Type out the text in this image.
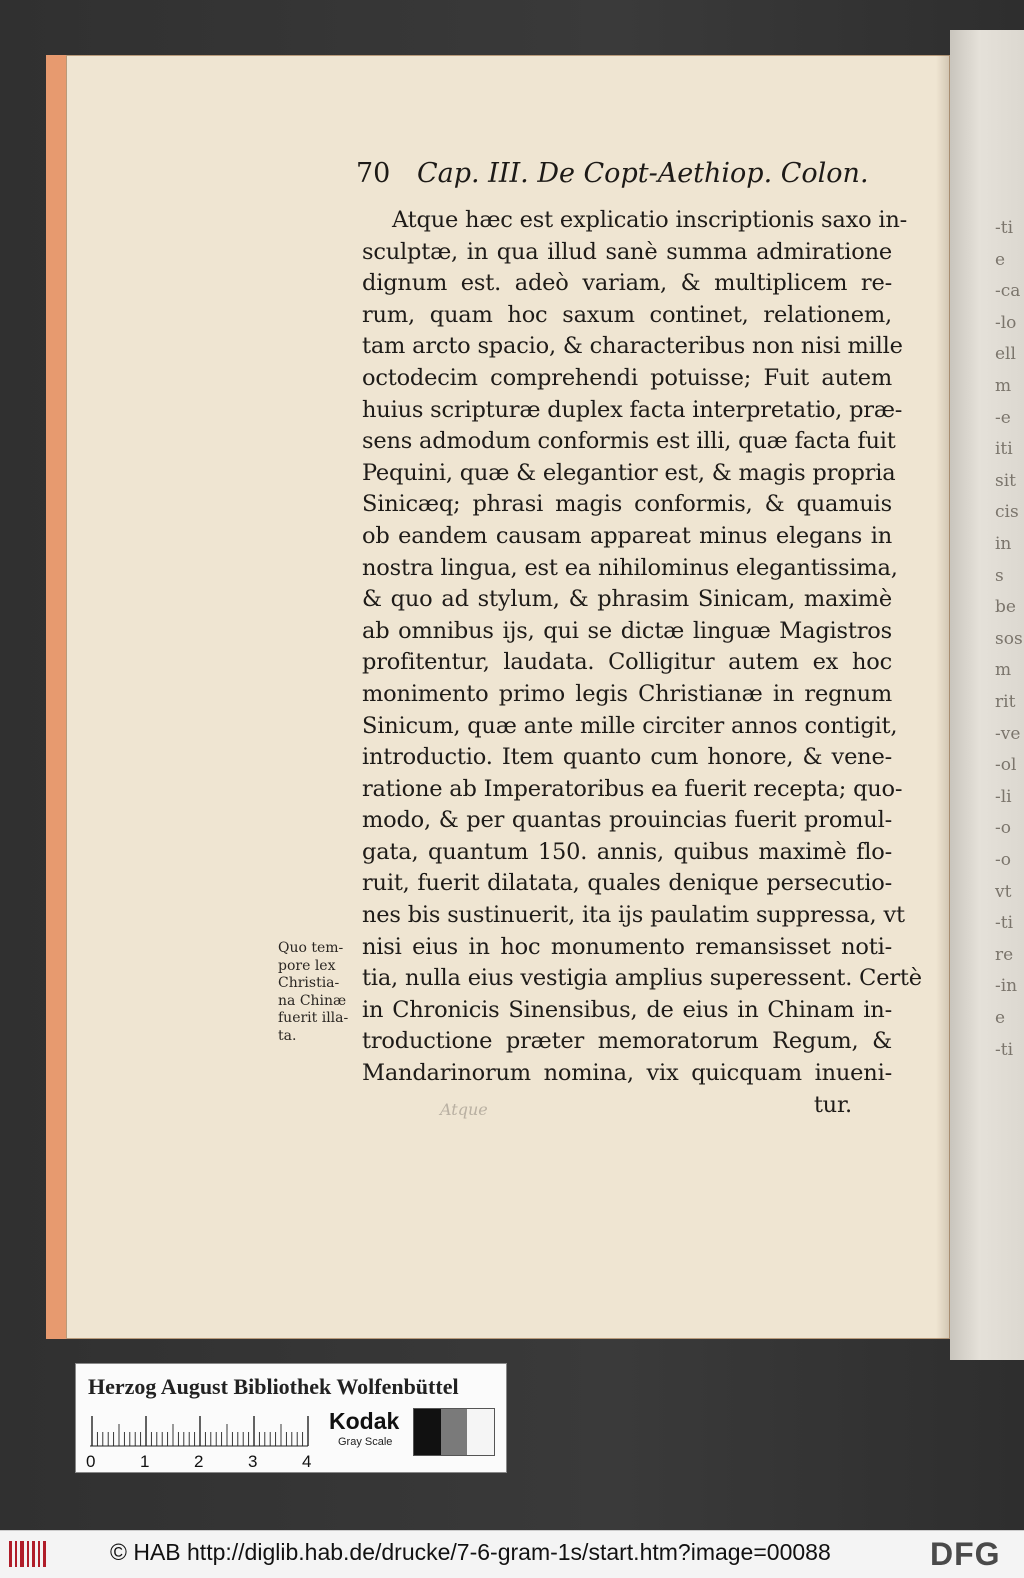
-ti
e
-ca
-lo
ell
m
-e
iti
sit
cis
in
s
be
sos
m
rit
-ve
-ol
-li
-o
-o
vt
-ti
re
-in
e
-ti
70 Cap. III. De Copt-Aethiop. Colon.
Atque hæc est explicatio inscriptionis saxo in-
sculptæ, in qua illud sanè summa admiratione
dignum est. adeò variam, & multiplicem re-
rum, quam hoc saxum continet, relationem,
tam arcto spacio, & characteribus non nisi mille
octodecim comprehendi potuisse; Fuit autem
huius scripturæ duplex facta interpretatio, præ-
sens admodum conformis est illi, quæ facta fuit
Pequini, quæ & elegantior est, & magis propria
Sinicæq; phrasi magis conformis, & quamuis
ob eandem causam appareat minus elegans in
nostra lingua, est ea nihilominus elegantissima,
& quo ad stylum, & phrasim Sinicam, maximè
ab omnibus ijs, qui se dictæ linguæ Magistros
profitentur, laudata. Colligitur autem ex hoc
monimento primo legis Christianæ in regnum
Sinicum, quæ ante mille circiter annos contigit,
introductio. Item quanto cum honore, & vene-
ratione ab Imperatoribus ea fuerit recepta; quo-
modo, & per quantas prouincias fuerit promul-
gata, quantum 150. annis, quibus maximè flo-
ruit, fuerit dilatata, quales denique persecutio-
nes bis sustinuerit, ita ijs paulatim suppressa, vt
nisi eius in hoc monumento remansisset noti-
tia, nulla eius vestigia amplius superessent. Certè
in Chronicis Sinensibus, de eius in Chinam in-
troductione præter memoratorum Regum, &
Mandarinorum nomina, vix quicquam inueni-
tur.
Quo tem-
pore lex
Christia-
na Chinæ
fuerit illa-
ta.
Atque
Herzog August Bibliothek Wolfenbüttel
0	1	2	3	4
Kodak
Gray Scale
© HAB http://diglib.hab.de/drucke/7-6-gram-1s/start.htm?image=00088	DFG
